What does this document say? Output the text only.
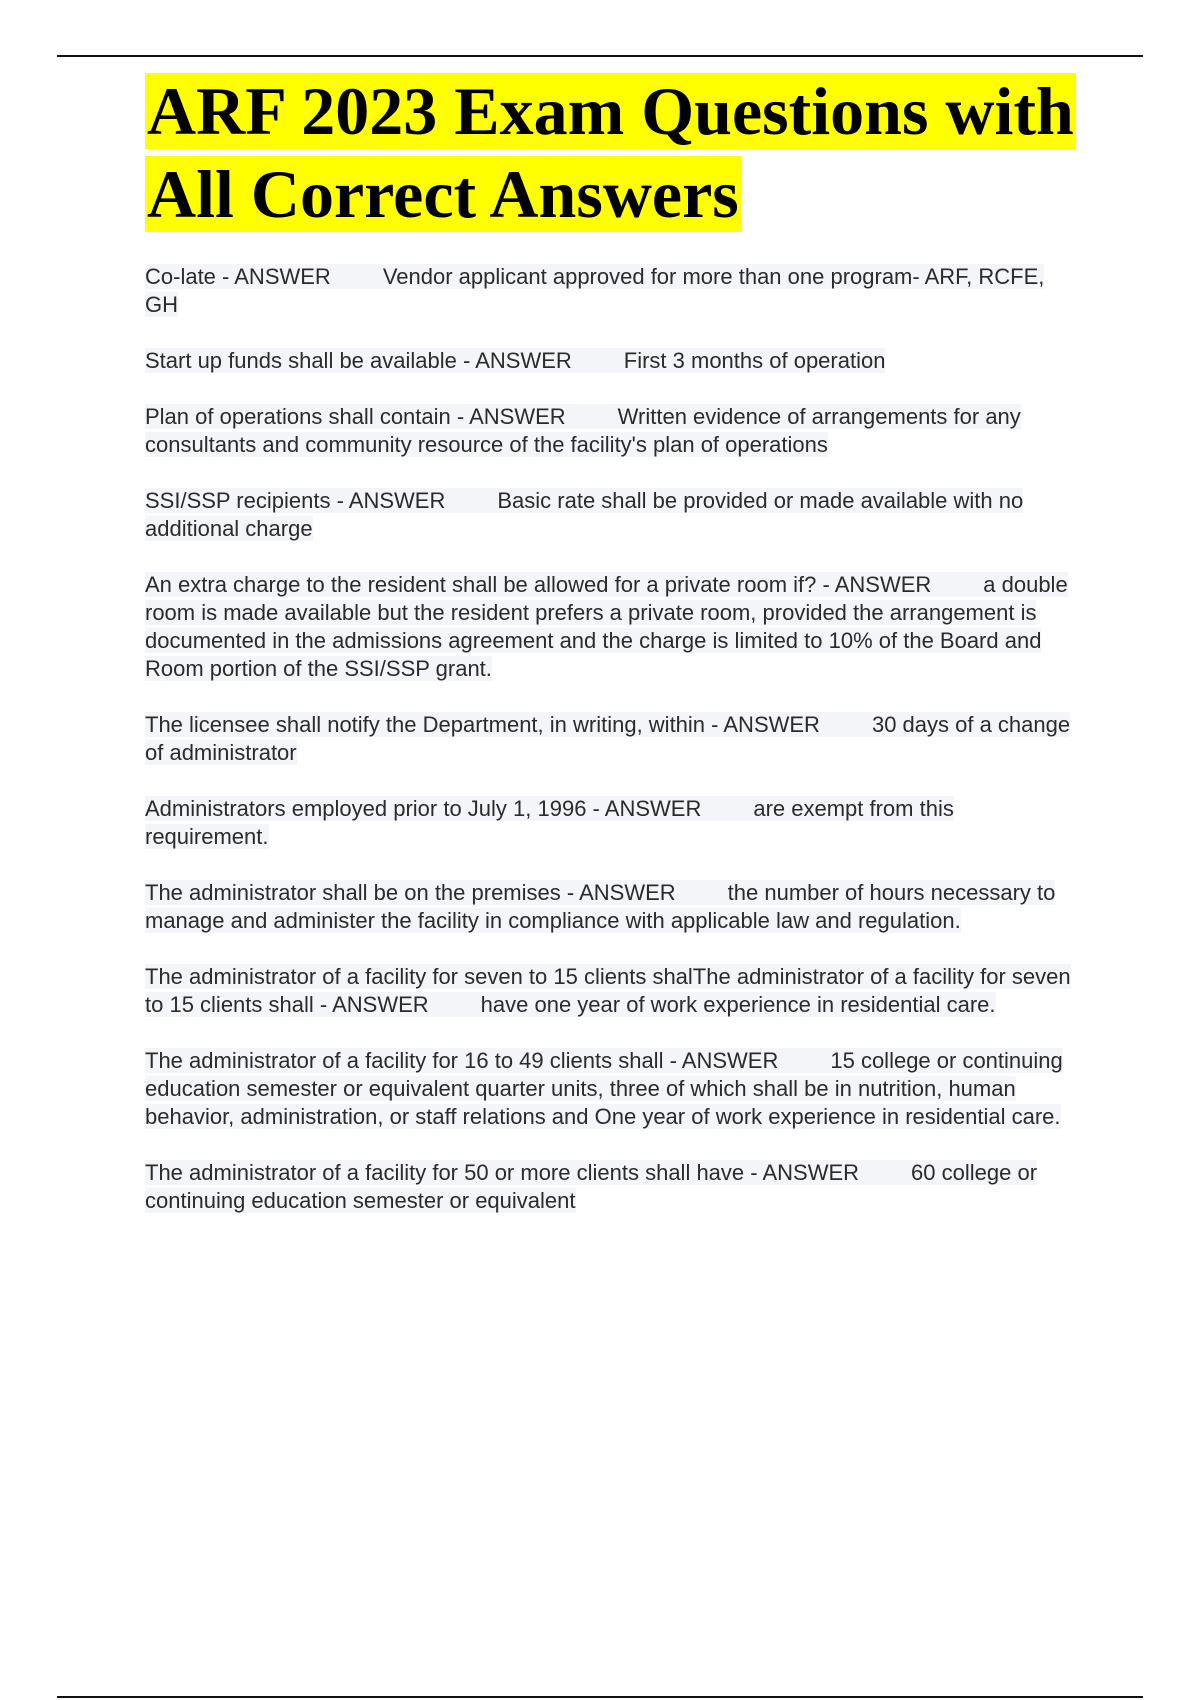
ARF 2023 Exam Questions with All Correct Answers

Co-late - ANSWER Vendor applicant approved for more than one program- ARF, RCFE, GH

Start up funds shall be available - ANSWER First 3 months of operation

Plan of operations shall contain - ANSWER Written evidence of arrangements for any consultants and community resource of the facility's plan of operations

SSI/SSP recipients - ANSWER Basic rate shall be provided or made available with no additional charge

An extra charge to the resident shall be allowed for a private room if? - ANSWER a double room is made available but the resident prefers a private room, provided the arrangement is documented in the admissions agreement and the charge is limited to 10% of the Board and Room portion of the SSI/SSP grant.

The licensee shall notify the Department, in writing, within - ANSWER 30 days of a change of administrator

Administrators employed prior to July 1, 1996 - ANSWER are exempt from this requirement.

The administrator shall be on the premises - ANSWER the number of hours necessary to manage and administer the facility in compliance with applicable law and regulation.

The administrator of a facility for seven to 15 clients shalThe administrator of a facility for seven to 15 clients shall - ANSWER have one year of work experience in residential care.

The administrator of a facility for 16 to 49 clients shall - ANSWER 15 college or continuing education semester or equivalent quarter units, three of which shall be in nutrition, human behavior, administration, or staff relations and One year of work experience in residential care.

The administrator of a facility for 50 or more clients shall have - ANSWER 60 college or continuing education semester or equivalent
